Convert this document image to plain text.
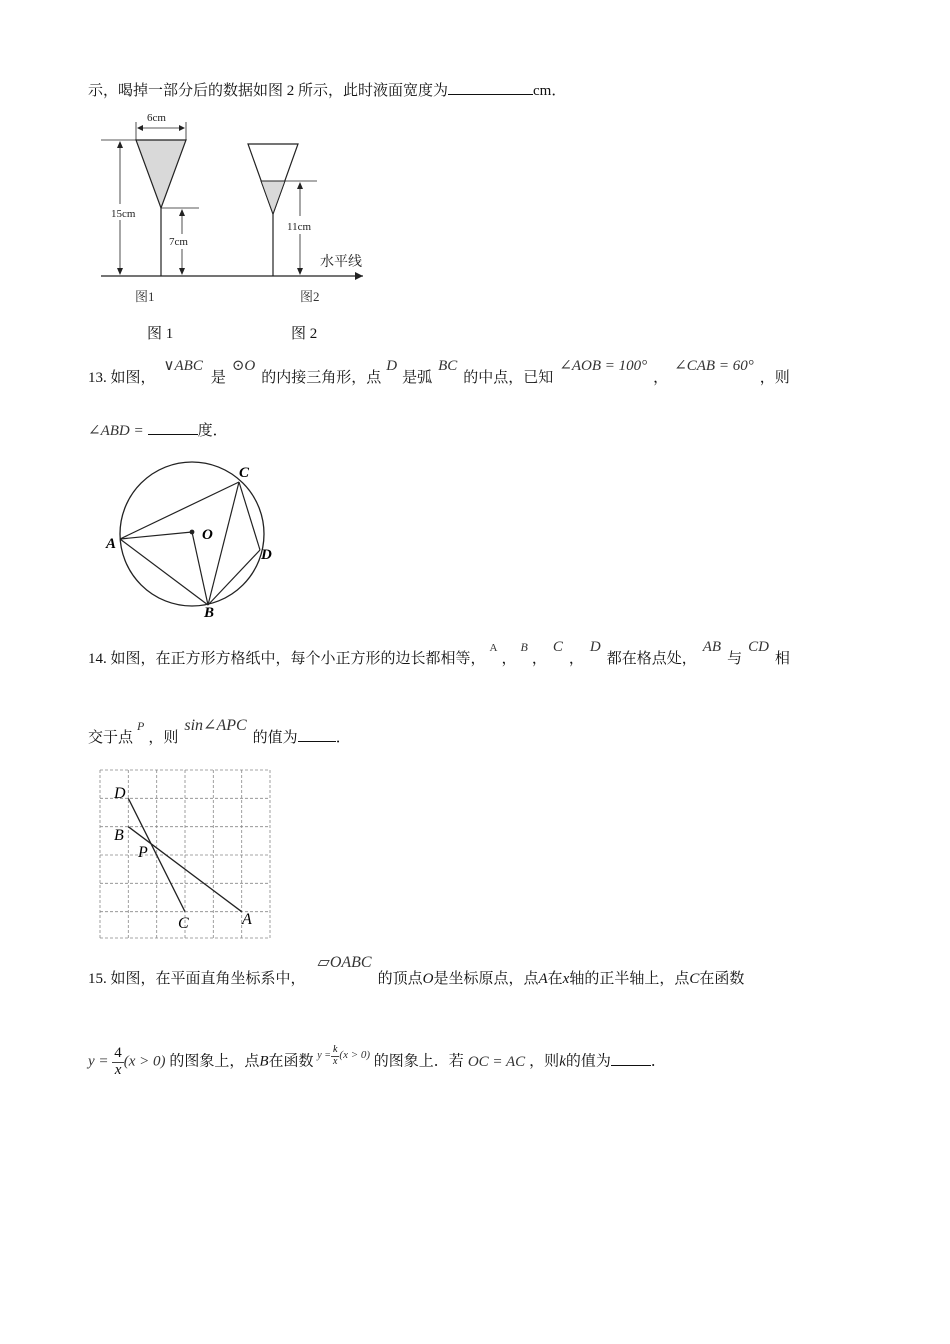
示，喝掉一部分后的数据如图 2 所示，此时液面宽度为	cm．
水平线
6cm
15cm
7cm
图1
11cm
图2
图 1	图 2
13. 如图，∨ABC是⊙O的内接三角形，点D是弧BC的中点，已知∠AOB = 100°，∠CAB = 60°，则
∠ABD =	度．
A
O
C
D
B
14. 如图，在正方形方格纸中，每个小正方形的边长都相等，$^A$，$^B$，C，D都在格点处，AB与CD相
交于点$^P$，则sin∠APC的值为	．
D
B
P
C	A
15. 如图，在平面直角坐标系中，▱OABC的顶点O是坐标原点，点A在x轴的正半轴上，点C在函数
$y = \frac{4}{x} (x > 0)$ 的图象上，点B在函数 $^{y =} \frac{k}{x} ^{(x > 0)}$ 的图象上．若 OC = AC ，则k的值为	．
